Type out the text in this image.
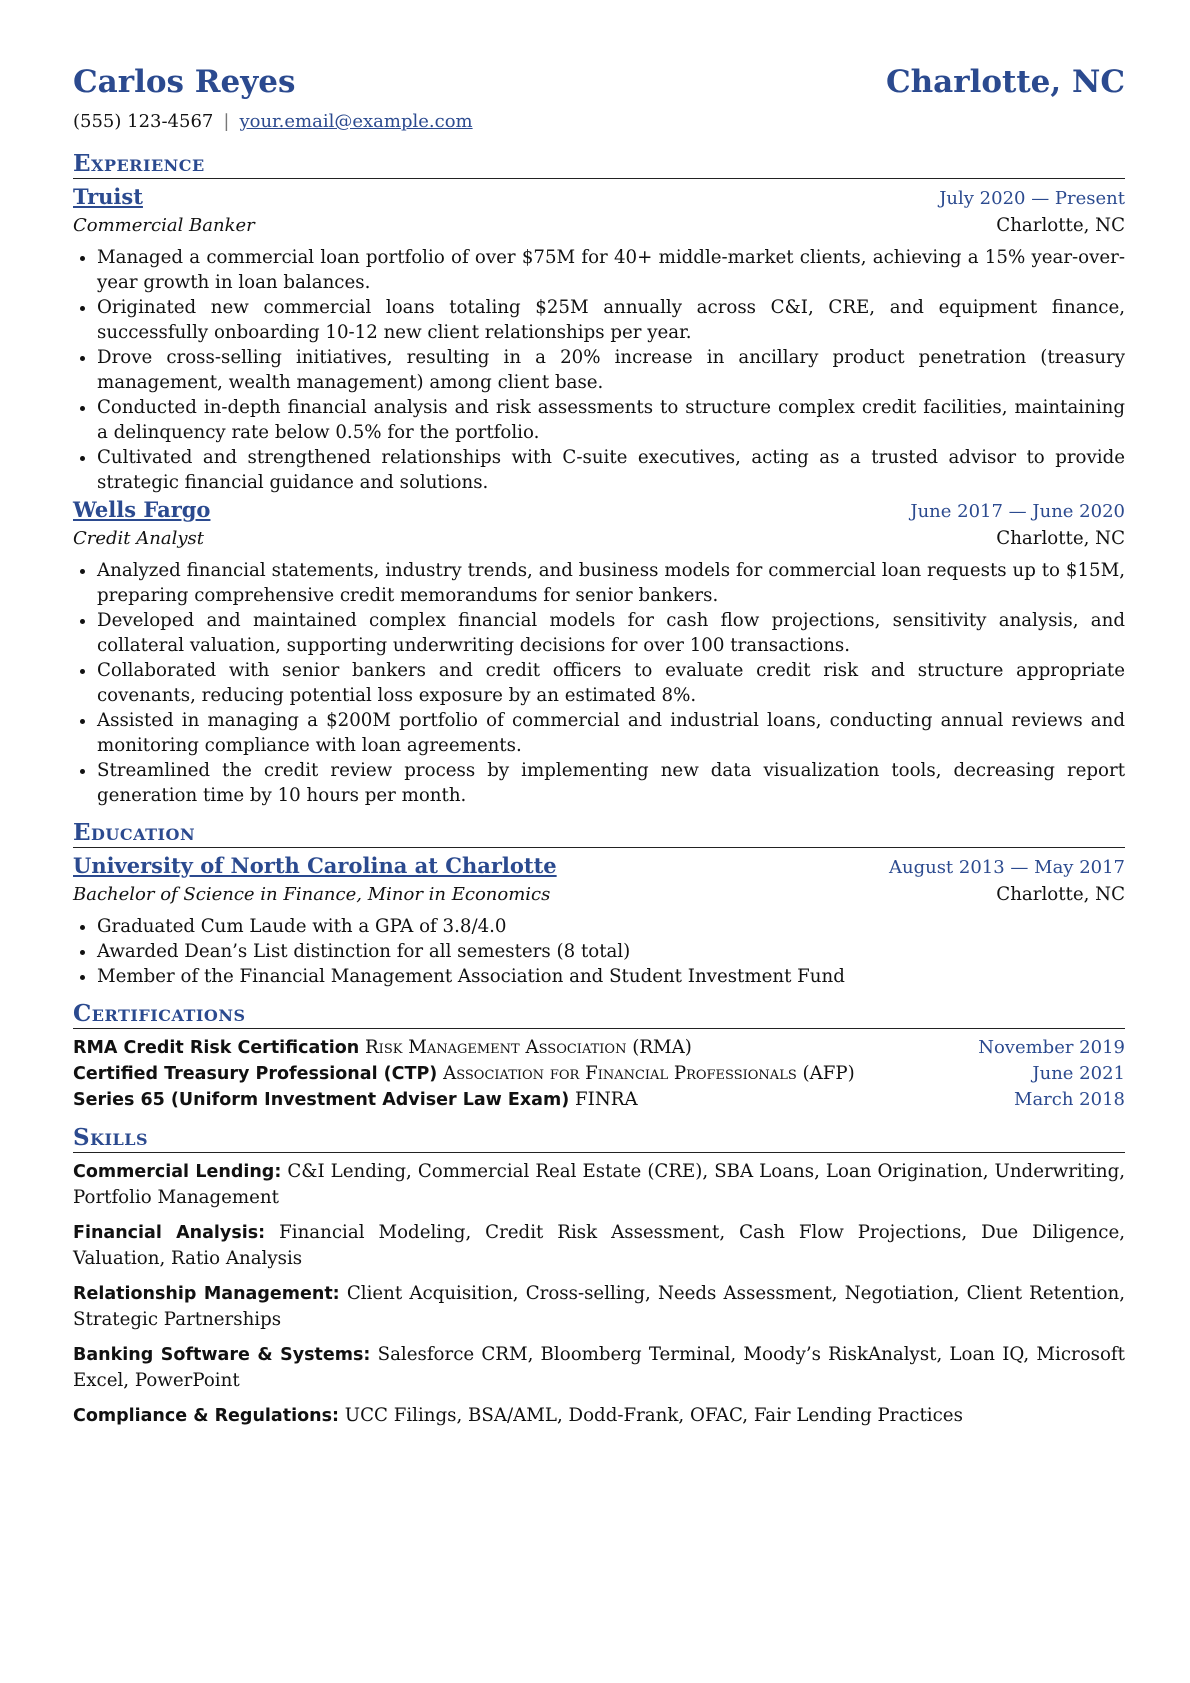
Carlos Reyes	Charlotte, NC
(555) 123-4567 | your.email@example.com
Experience
Truist	July 2020 — Present
Commercial Banker	Charlotte, NC
• Managed a commercial loan portfolio of over $75M for 40+ middle-market clients, achieving a 15% year-over-year growth in loan balances.
• Originated new commercial loans totaling $25M annually across C&I, CRE, and equipment finance, successfully onboarding 10-12 new client relationships per year.
• Drove cross-selling initiatives, resulting in a 20% increase in ancillary product penetration (treasury management, wealth management) among client base.
• Conducted in-depth financial analysis and risk assessments to structure complex credit facilities, maintaining a delinquency rate below 0.5% for the portfolio.
• Cultivated and strengthened relationships with C-suite executives, acting as a trusted advisor to provide strategic financial guidance and solutions.
Wells Fargo	June 2017 — June 2020
Credit Analyst	Charlotte, NC
• Analyzed financial statements, industry trends, and business models for commercial loan requests up to $15M, preparing comprehensive credit memorandums for senior bankers.
• Developed and maintained complex financial models for cash flow projections, sensitivity analysis, and collateral valuation, supporting underwriting decisions for over 100 transactions.
• Collaborated with senior bankers and credit officers to evaluate credit risk and structure appropriate covenants, reducing potential loss exposure by an estimated 8%.
• Assisted in managing a $200M portfolio of commercial and industrial loans, conducting annual reviews and monitoring compliance with loan agreements.
• Streamlined the credit review process by implementing new data visualization tools, decreasing report generation time by 10 hours per month.
Education
University of North Carolina at Charlotte	August 2013 — May 2017
Bachelor of Science in Finance, Minor in Economics	Charlotte, NC
• Graduated Cum Laude with a GPA of 3.8/4.0
• Awarded Dean’s List distinction for all semesters (8 total)
• Member of the Financial Management Association and Student Investment Fund
Certifications
RMA Credit Risk Certification Risk Management Association (RMA)	November 2019
Certified Treasury Professional (CTP) Association for Financial Professionals (AFP)	June 2021
Series 65 (Uniform Investment Adviser Law Exam) FINRA	March 2018
Skills
Commercial Lending: C&I Lending, Commercial Real Estate (CRE), SBA Loans, Loan Origination, Underwriting, Portfolio Management
Financial Analysis: Financial Modeling, Credit Risk Assessment, Cash Flow Projections, Due Diligence, Valuation, Ratio Analysis
Relationship Management: Client Acquisition, Cross-selling, Needs Assessment, Negotiation, Client Retention, Strategic Partnerships
Banking Software & Systems: Salesforce CRM, Bloomberg Terminal, Moody’s RiskAnalyst, Loan IQ, Microsoft Excel, PowerPoint
Compliance & Regulations: UCC Filings, BSA/AML, Dodd-Frank, OFAC, Fair Lending Practices
